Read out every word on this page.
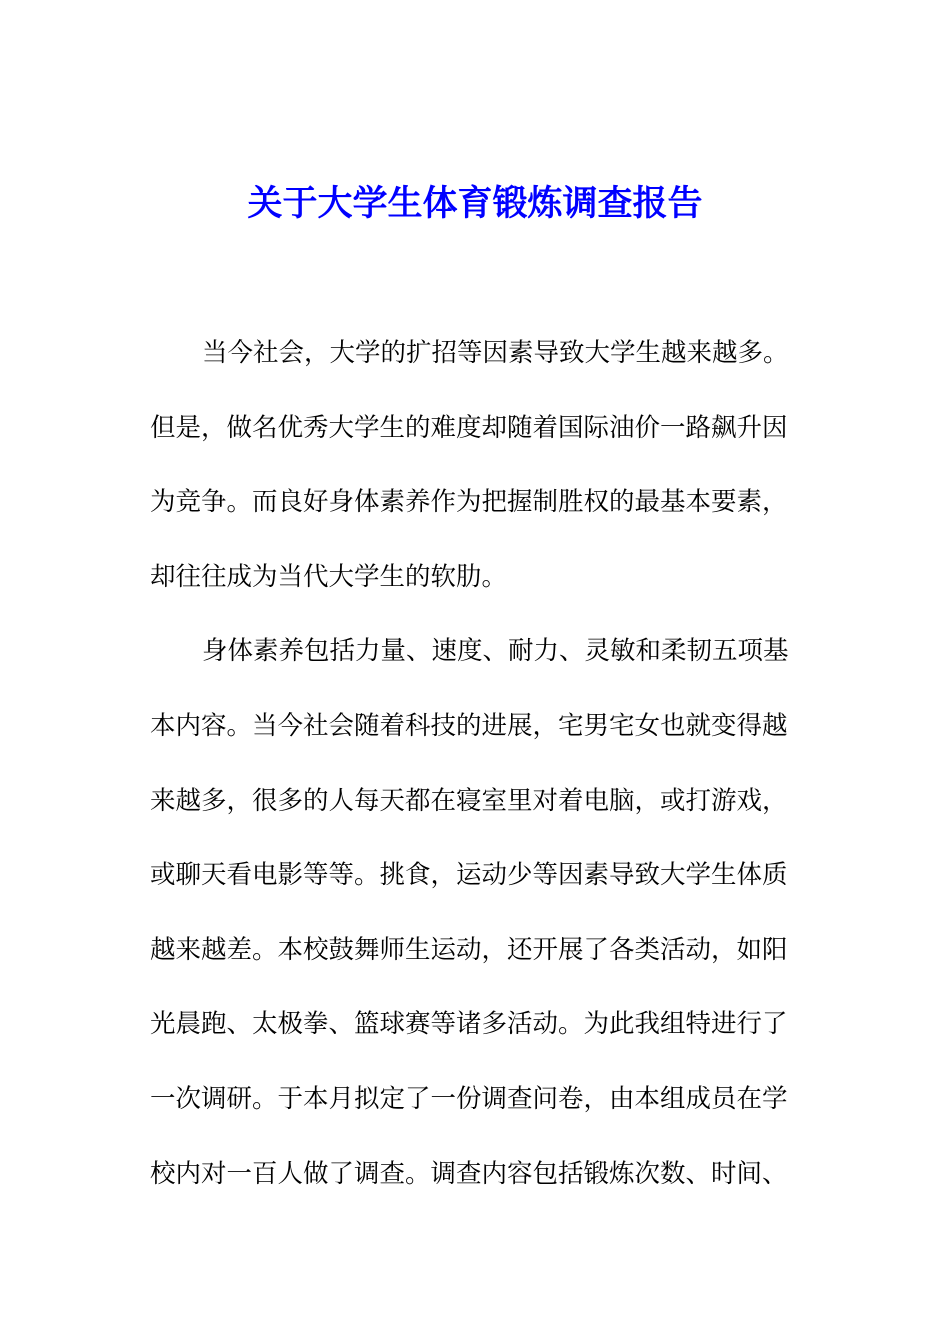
关于大学生体育锻炼调查报告
当今社会，大学的扩招等因素导致大学生越来越多。
但是，做名优秀大学生的难度却随着国际油价一路飙升因
为竞争。而良好身体素养作为把握制胜权的最基本要素，
却往往成为当代大学生的软肋。
身体素养包括力量、速度、耐力、灵敏和柔韧五项基
本内容。当今社会随着科技的进展，宅男宅女也就变得越
来越多，很多的人每天都在寝室里对着电脑，或打游戏，
或聊天看电影等等。挑食，运动少等因素导致大学生体质
越来越差。本校鼓舞师生运动，还开展了各类活动，如阳
光晨跑、太极拳、篮球赛等诸多活动。为此我组特进行了
一次调研。于本月拟定了一份调查问卷，由本组成员在学
校内对一百人做了调查。调查内容包括锻炼次数、时间、
